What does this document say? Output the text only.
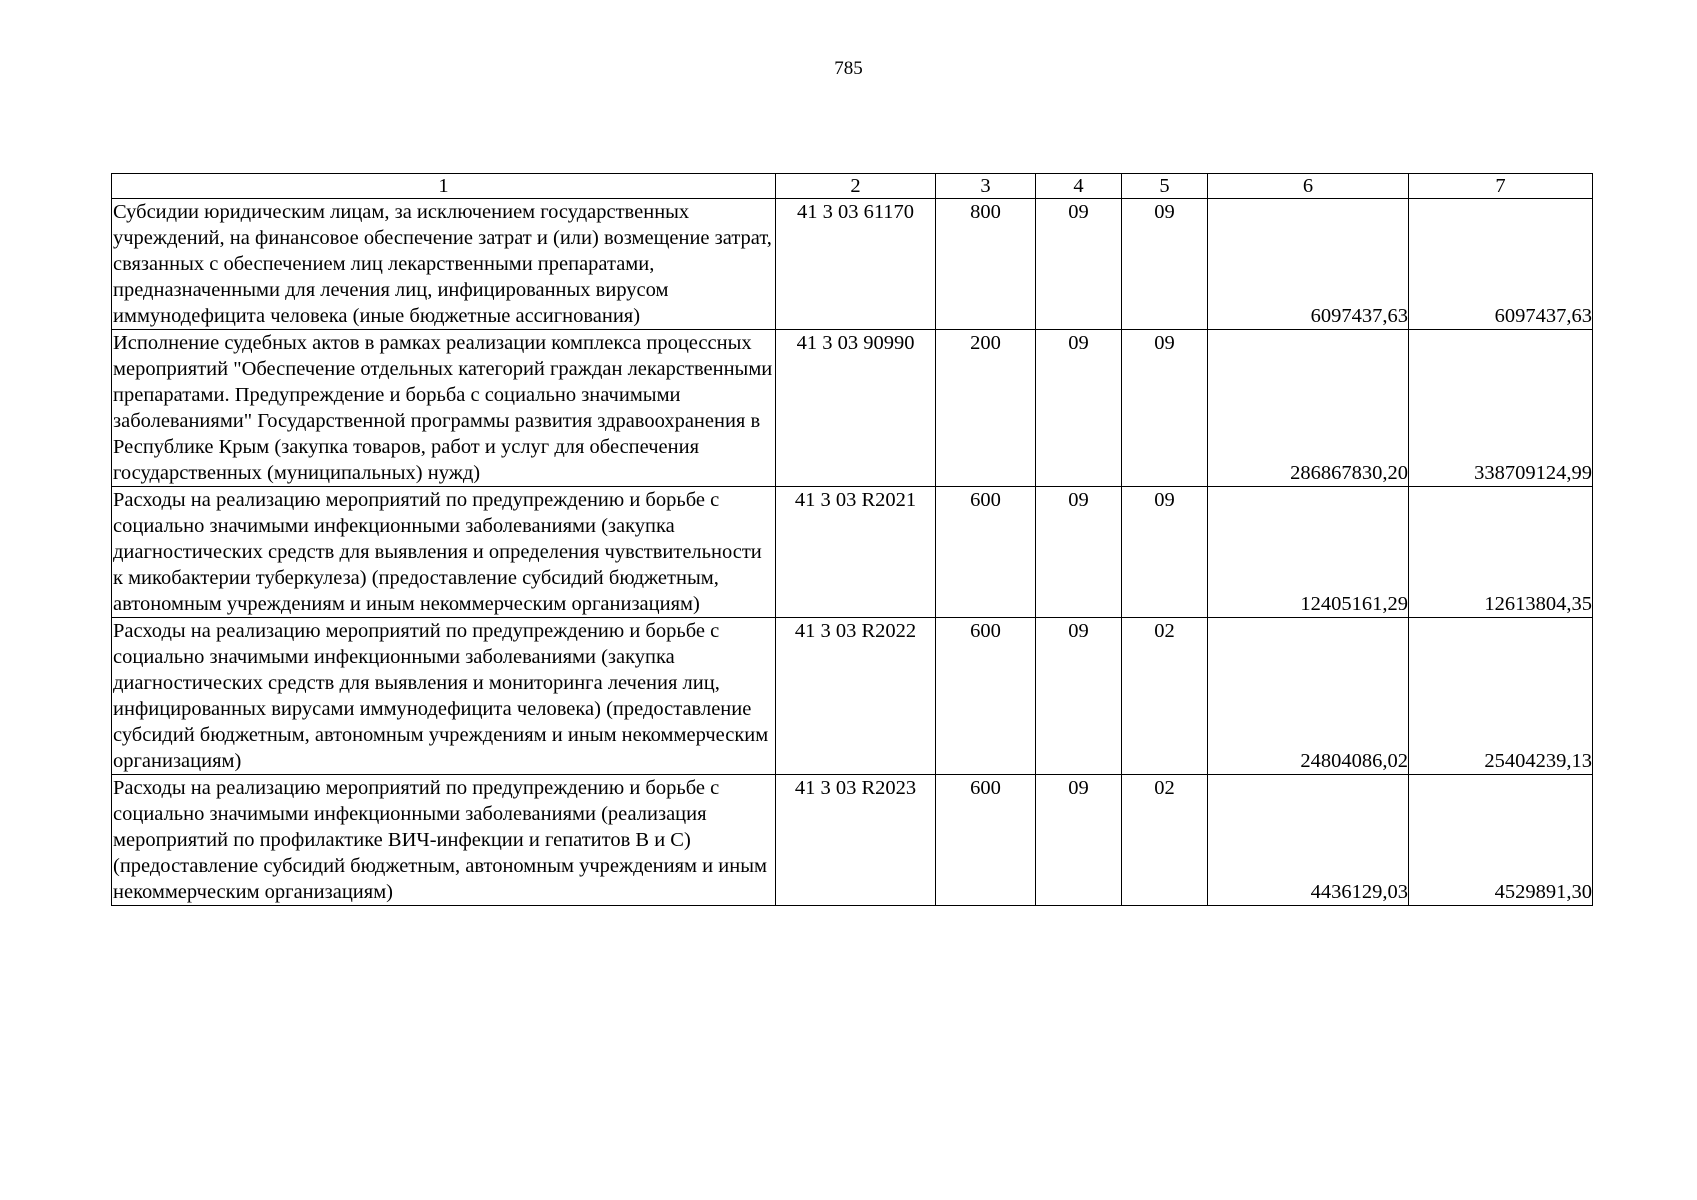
785
1	2	3	4	5	6	7
Субсидии юридическим лицам, за исключением государственных учреждений, на финансовое обеспечение затрат и (или) возмещение затрат, связанных с обеспечением лиц лекарственными препаратами, предназначенными для лечения лиц, инфицированных вирусом иммунодефицита человека (иные бюджетные ассигнования)	41 3 03 61170	800	09	09	6097437,63	6097437,63
Исполнение судебных актов в рамках реализации комплекса процессных мероприятий "Обеспечение отдельных категорий граждан лекарственными препаратами. Предупреждение и борьба с социально значимыми заболеваниями" Государственной программы развития здравоохранения в Республике Крым (закупка товаров, работ и услуг для обеспечения государственных (муниципальных) нужд)	41 3 03 90990	200	09	09	286867830,20	338709124,99
Расходы на реализацию мероприятий по предупреждению и борьбе с социально значимыми инфекционными заболеваниями (закупка диагностических средств для выявления и определения чувствительности к микобактерии туберкулеза) (предоставление субсидий бюджетным, автономным учреждениям и иным некоммерческим организациям)	41 3 03 R2021	600	09	09	12405161,29	12613804,35
Расходы на реализацию мероприятий по предупреждению и борьбе с социально значимыми инфекционными заболеваниями (закупка диагностических средств для выявления и мониторинга лечения лиц, инфицированных вирусами иммунодефицита человека) (предоставление субсидий бюджетным, автономным учреждениям и иным некоммерческим организациям)	41 3 03 R2022	600	09	02	24804086,02	25404239,13
Расходы на реализацию мероприятий по предупреждению и борьбе с социально значимыми инфекционными заболеваниями (реализация мероприятий по профилактике ВИЧ-инфекции и гепатитов В и С) (предоставление субсидий бюджетным, автономным учреждениям и иным некоммерческим организациям)	41 3 03 R2023	600	09	02	4436129,03	4529891,30
